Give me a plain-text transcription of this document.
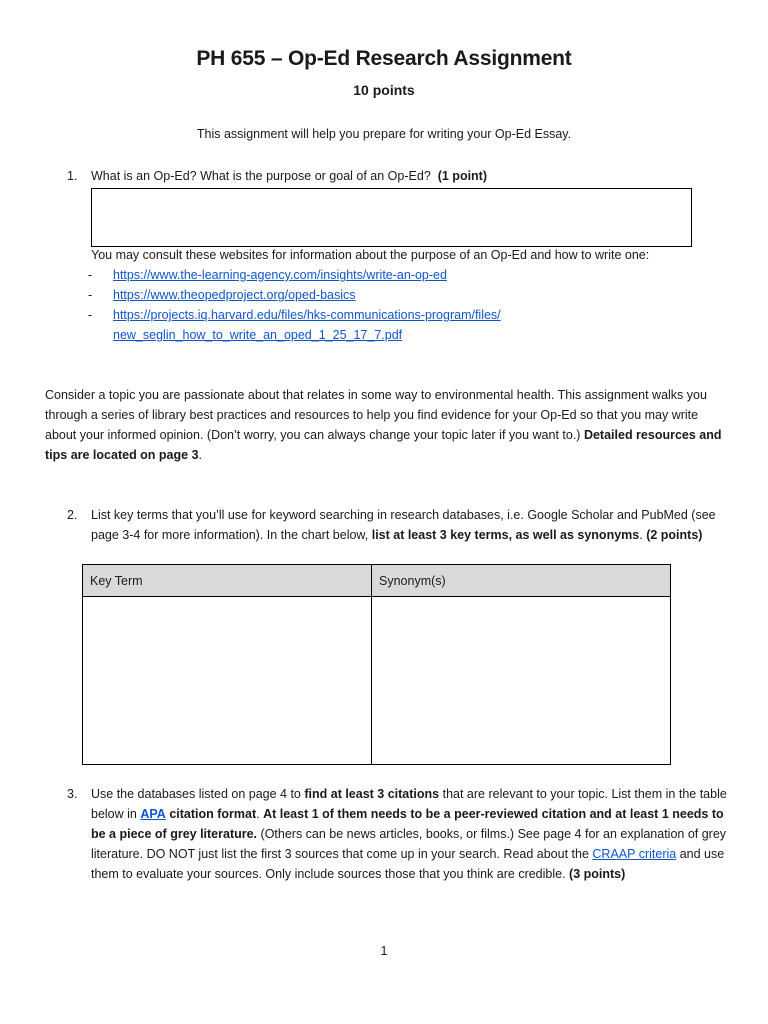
PH 655 – Op-Ed Research Assignment
10 points
This assignment will help you prepare for writing your Op-Ed Essay.
1. What is an Op-Ed? What is the purpose or goal of an Op-Ed? (1 point)
You may consult these websites for information about the purpose of an Op-Ed and how to write one:
-	https://www.the-learning-agency.com/insights/write-an-op-ed
-	https://www.theopedproject.org/oped-basics
-	https://projects.iq.harvard.edu/files/hks-communications-program/files/
new_seglin_how_to_write_an_oped_1_25_17_7.pdf
Consider a topic you are passionate about that relates in some way to environmental health. This assignment walks you through a series of library best practices and resources to help you find evidence for your Op-Ed so that you may write about your informed opinion. (Don’t worry, you can always change your topic later if you want to.) Detailed resources and tips are located on page 3.
2. List key terms that you’ll use for keyword searching in research databases, i.e. Google Scholar and PubMed (see page 3-4 for more information). In the chart below, list at least 3 key terms, as well as synonyms. (2 points)
Key Term	Synonym(s)

3. Use the databases listed on page 4 to find at least 3 citations that are relevant to your topic. List them in the table below in APA citation format. At least 1 of them needs to be a peer-reviewed citation and at least 1 needs to be a piece of grey literature. (Others can be news articles, books, or films.) See page 4 for an explanation of grey literature. DO NOT just list the first 3 sources that come up in your search. Read about the CRAAP criteria and use them to evaluate your sources. Only include sources those that you think are credible. (3 points)
1
